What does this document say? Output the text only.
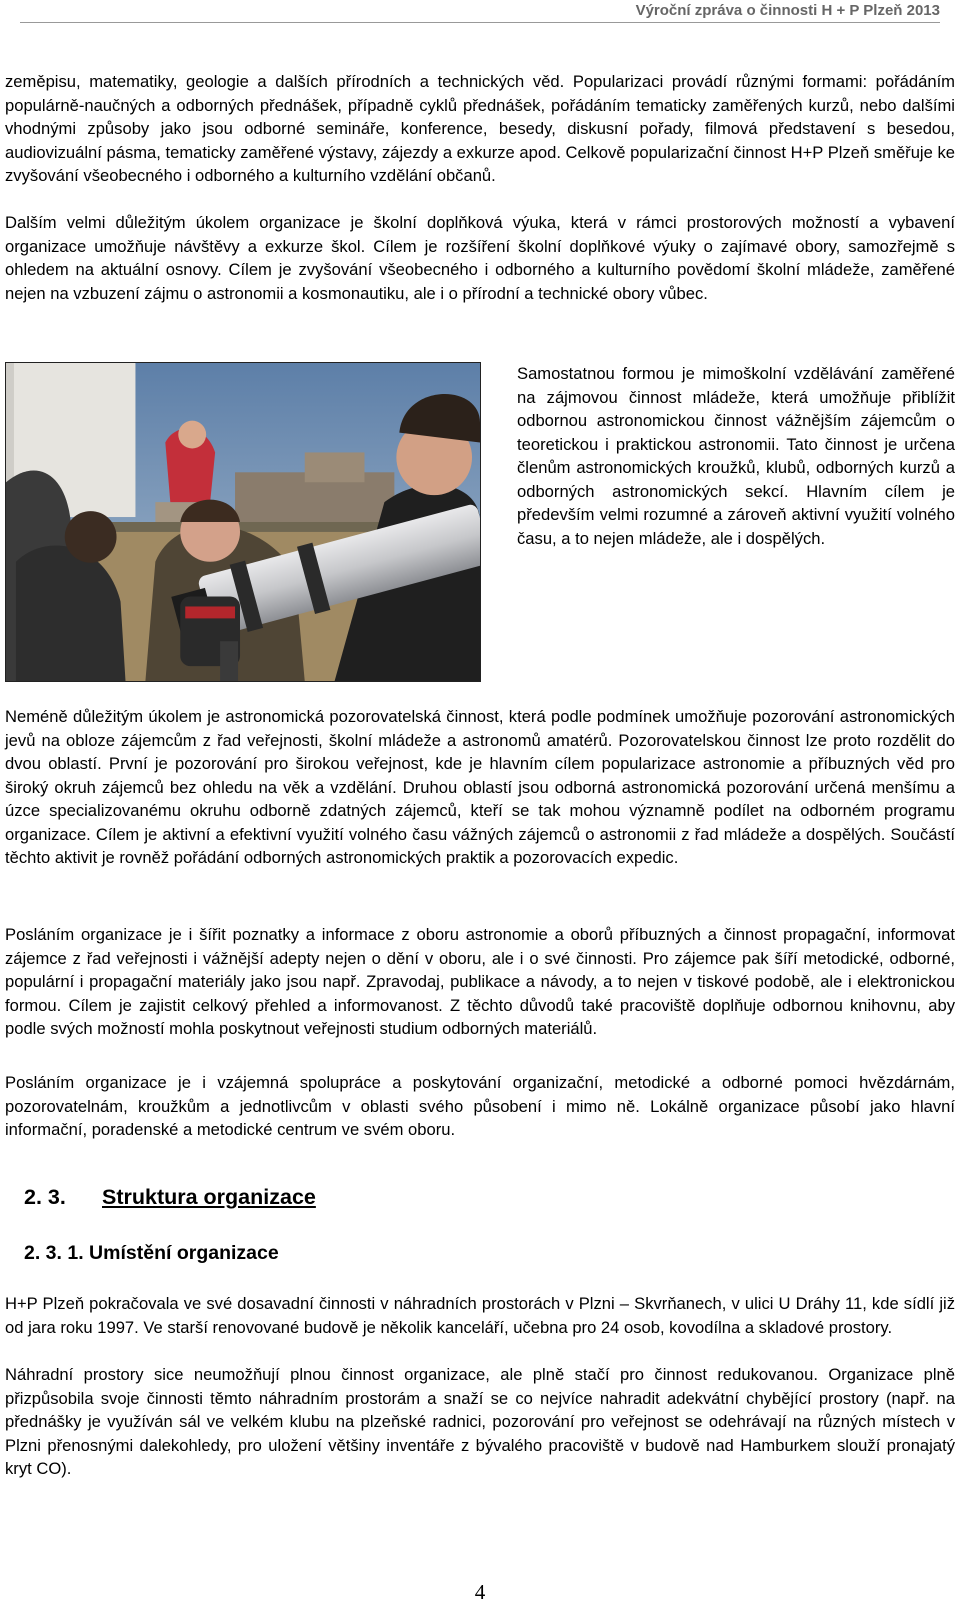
Výroční zpráva o činnosti H + P Plzeň 2013

zeměpisu, matematiky, geologie a dalších přírodních a technických věd. Popularizaci provádí různými formami: pořádáním populárně-naučných a odborných přednášek, případně cyklů přednášek, pořádáním tematicky zaměřených kurzů, nebo dalšími vhodnými způsoby jako jsou odborné semináře, konference, besedy, diskusní pořady, filmová představení s besedou, audiovizuální pásma, tematicky zaměřené výstavy, zájezdy a exkurze apod. Celkově popularizační činnost H+P Plzeň směřuje ke zvyšování všeobecného i odborného a kulturního vzdělání občanů.

Dalším velmi důležitým úkolem organizace je školní doplňková výuka, která v rámci prostorových možností a vybavení organizace umožňuje návštěvy a exkurze škol. Cílem je rozšíření školní doplňkové výuky o zajímavé obory, samozřejmě s ohledem na aktuální osnovy. Cílem je zvyšování všeobecného i odborného a kulturního povědomí školní mládeže, zaměřené nejen na vzbuzení zájmu o astronomii a kosmonautiku, ale i o přírodní a technické obory vůbec.

Samostatnou formou je mimoškolní vzdělávání zaměřené na zájmovou činnost mládeže, která umožňuje přiblížit odbornou astronomickou činnost vážnějším zájemcům o teoretickou i praktickou astronomii. Tato činnost je určena členům astronomických kroužků, klubů, odborných kurzů a odborných astronomických sekcí. Hlavním cílem je především velmi rozumné a zároveň aktivní využití volného času, a to nejen mládeže, ale i dospělých.

Neméně důležitým úkolem je astronomická pozorovatelská činnost, která podle podmínek umožňuje pozorování astronomických jevů na obloze zájemcům z řad veřejnosti, školní mládeže a astronomů amatérů. Pozorovatelskou činnost lze proto rozdělit do dvou oblastí. První je pozorování pro širokou veřejnost, kde je hlavním cílem popularizace astronomie a příbuzných věd pro široký okruh zájemců bez ohledu na věk a vzdělání. Druhou oblastí jsou odborná astronomická pozorování určená menšímu a úzce specializovanému okruhu odborně zdatných zájemců, kteří se tak mohou významně podílet na odborném programu organizace. Cílem je aktivní a efektivní využití volného času vážných zájemců o astronomii z řad mládeže a dospělých. Součástí těchto aktivit je rovněž pořádání odborných astronomických praktik a pozorovacích expedic.

Posláním organizace je i šířit poznatky a informace z oboru astronomie a oborů příbuzných a činnost propagační, informovat zájemce z řad veřejnosti i vážnější adepty nejen o dění v oboru, ale i o své činnosti. Pro zájemce pak šíří metodické, odborné, populární i propagační materiály jako jsou např. Zpravodaj, publikace a návody, a to nejen v tiskové podobě, ale i elektronickou formou. Cílem je zajistit celkový přehled a informovanost. Z těchto důvodů také pracoviště doplňuje odbornou knihovnu, aby podle svých možností mohla poskytnout veřejnosti studium odborných materiálů.

Posláním organizace je i vzájemná spolupráce a poskytování organizační, metodické a odborné pomoci hvězdárnám, pozorovatelnám, kroužkům a jednotlivcům v oblasti svého působení i mimo ně. Lokálně organizace působí jako hlavní informační, poradenské a metodické centrum ve svém oboru.

2. 3. Struktura organizace
2. 3. 1. Umístění organizace

H+P Plzeň pokračovala ve své dosavadní činnosti v náhradních prostorách v Plzni – Skvrňanech, v ulici U Dráhy 11, kde sídlí již od jara roku 1997. Ve starší renovované budově je několik kanceláří, učebna pro 24 osob, kovodílna a skladové prostory.

Náhradní prostory sice neumožňují plnou činnost organizace, ale plně stačí pro činnost redukovanou. Organizace plně přizpůsobila svoje činnosti těmto náhradním prostorám a snaží se co nejvíce nahradit adekvátní chybějící prostory (např. na přednášky je využíván sál ve velkém klubu na plzeňské radnici, pozorování pro veřejnost se odehrávají na různých místech v Plzni přenosnými dalekohledy, pro uložení většiny inventáře z bývalého pracoviště v budově nad Hamburkem slouží pronajatý kryt CO).

4
